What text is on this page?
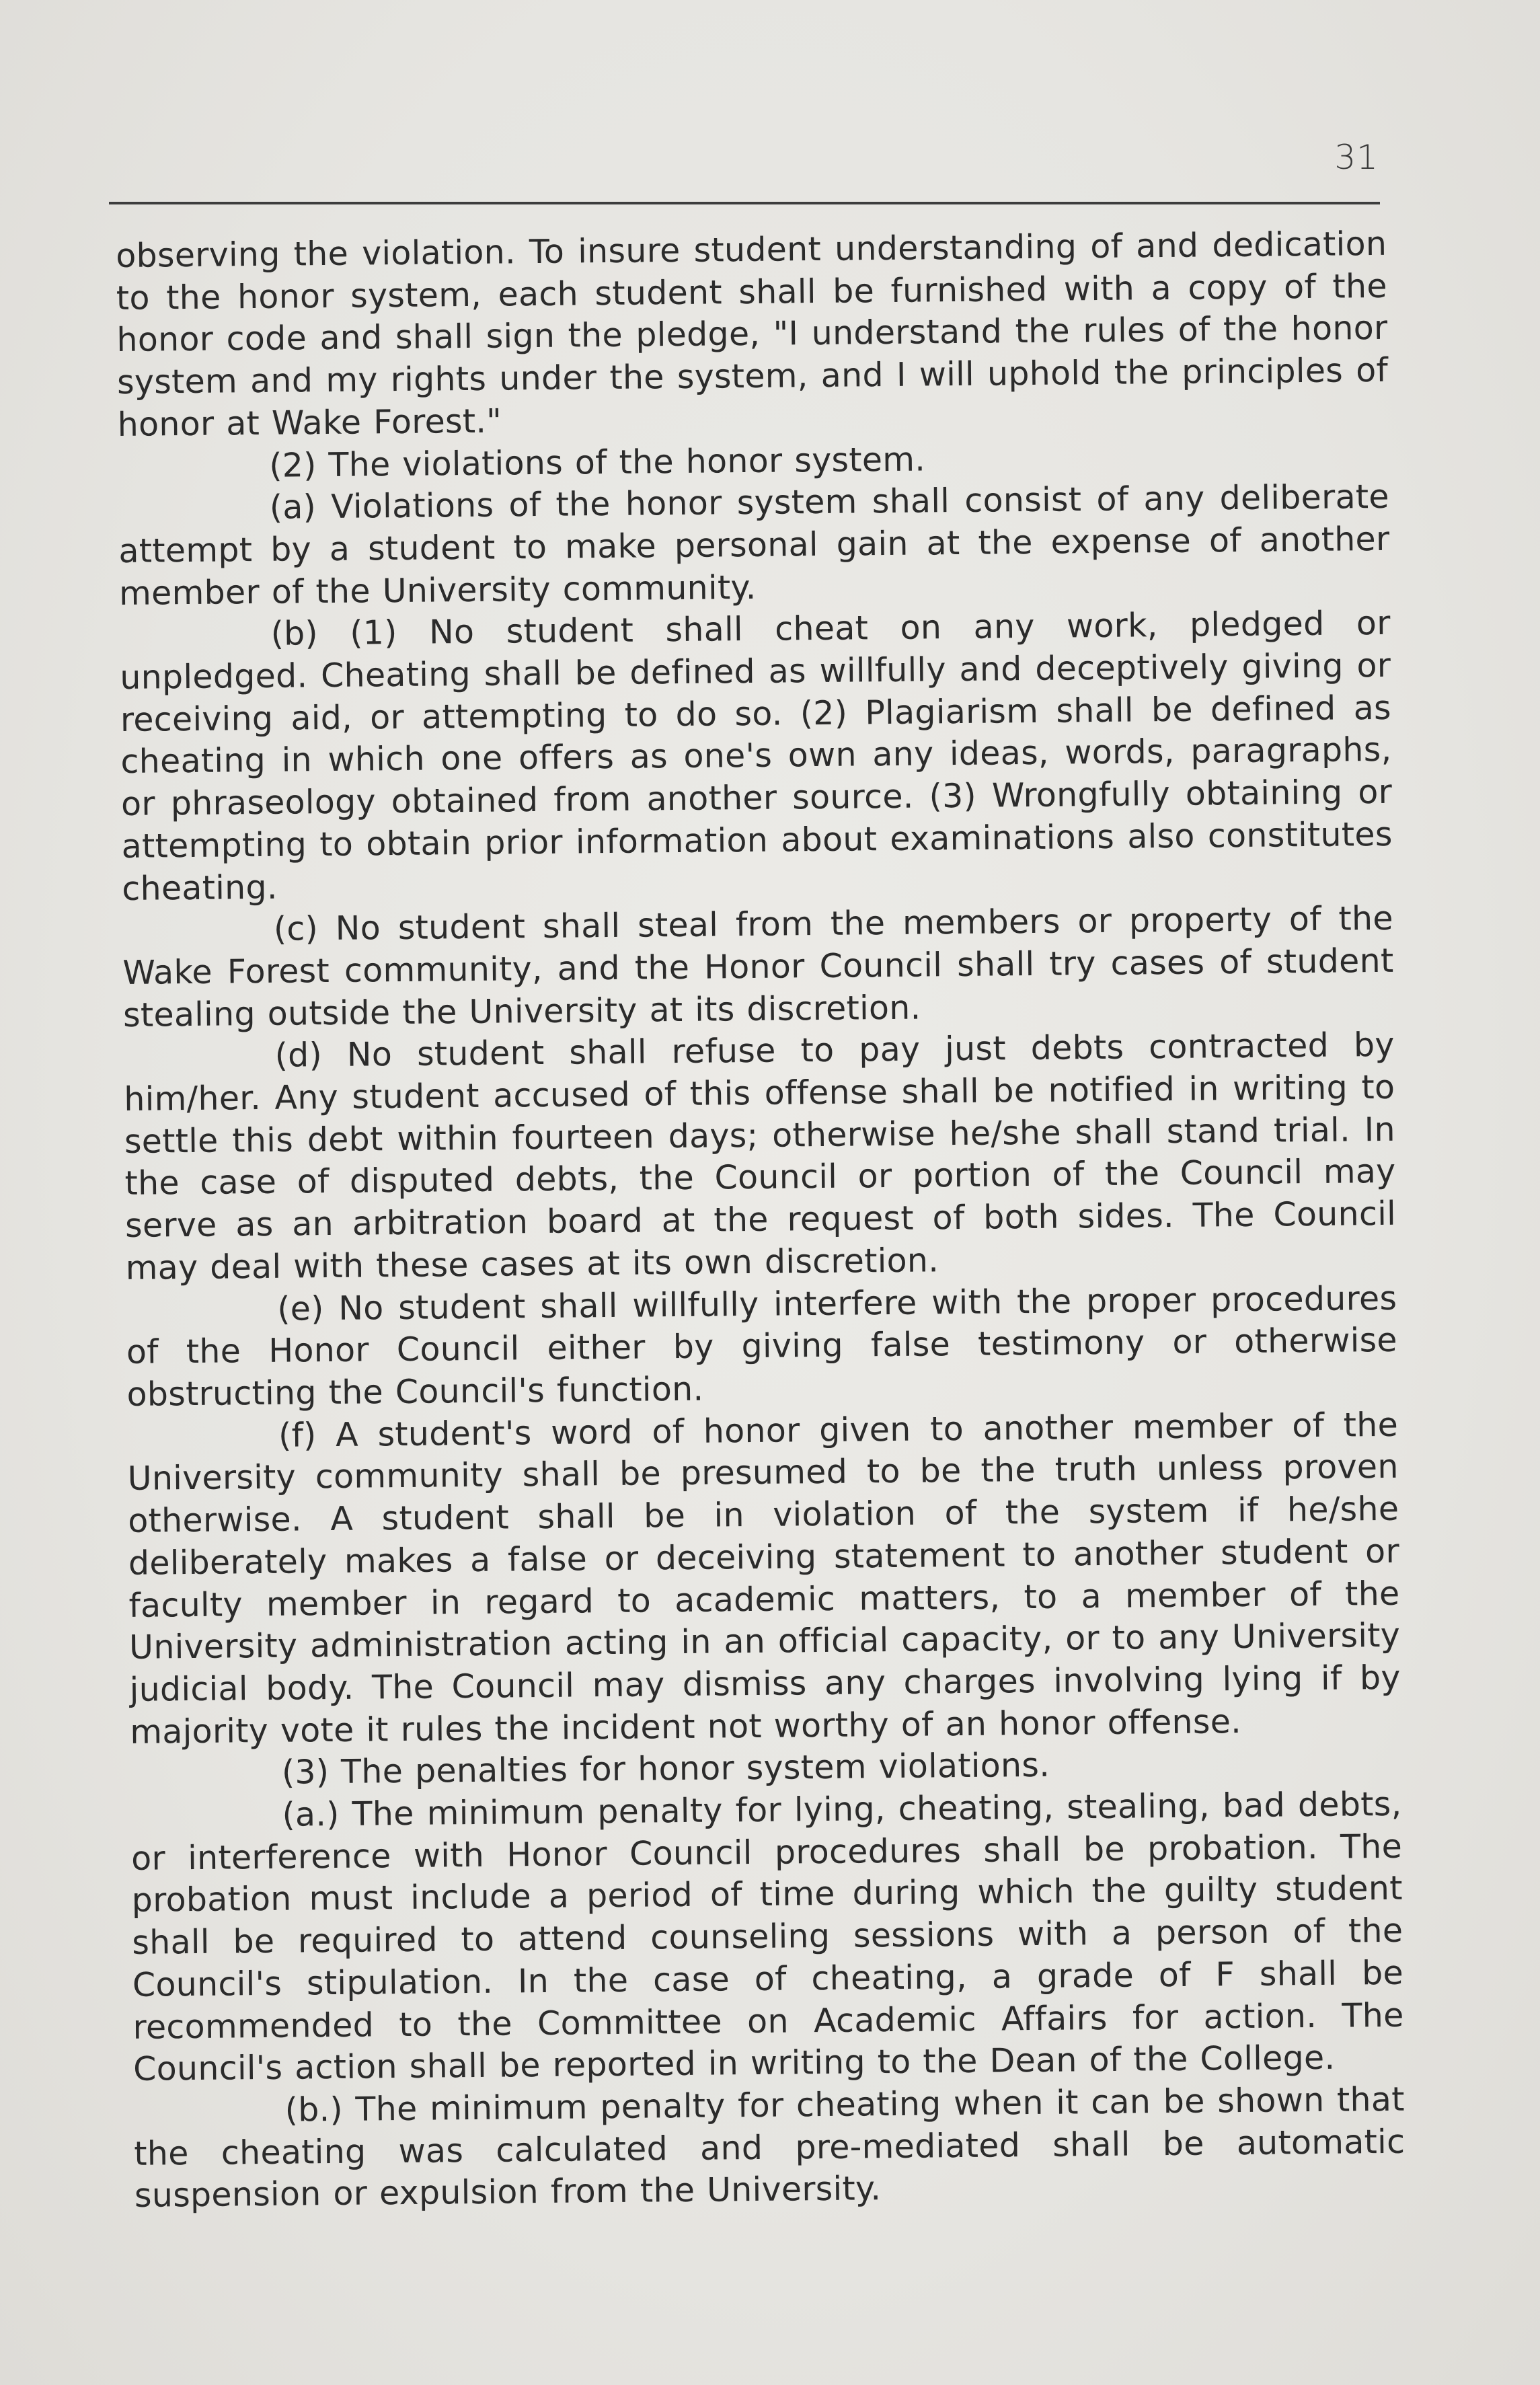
31

observing the violation. To insure student understanding of and dedication to the honor system, each student shall be furnished with a copy of the honor code and shall sign the pledge, "I understand the rules of the honor system and my rights under the system, and I will uphold the principles of honor at Wake Forest."

(2) The violations of the honor system.

(a) Violations of the honor system shall consist of any deliberate attempt by a student to make personal gain at the expense of another member of the University community.

(b) (1) No student shall cheat on any work, pledged or unpledged. Cheating shall be defined as willfully and deceptively giving or receiving aid, or attempting to do so. (2) Plagiarism shall be defined as cheating in which one offers as one's own any ideas, words, paragraphs, or phraseology obtained from another source. (3) Wrongfully obtaining or attempting to obtain prior information about examinations also constitutes cheating.

(c) No student shall steal from the members or property of the Wake Forest community, and the Honor Council shall try cases of student stealing outside the University at its discretion.

(d) No student shall refuse to pay just debts contracted by him/her. Any student accused of this offense shall be notified in writing to settle this debt within fourteen days; otherwise he/she shall stand trial. In the case of disputed debts, the Council or portion of the Council may serve as an arbitration board at the request of both sides. The Council may deal with these cases at its own discretion.

(e) No student shall willfully interfere with the proper procedures of the Honor Council either by giving false testimony or otherwise obstructing the Council's function.

(f) A student's word of honor given to another member of the University community shall be presumed to be the truth unless proven otherwise. A student shall be in violation of the system if he/she deliberately makes a false or deceiving statement to another student or faculty member in regard to academic matters, to a member of the University administration acting in an official capacity, or to any University judicial body. The Council may dismiss any charges involving lying if by majority vote it rules the incident not worthy of an honor offense.

(3) The penalties for honor system violations.

(a.) The minimum penalty for lying, cheating, stealing, bad debts, or interference with Honor Council procedures shall be probation. The probation must include a period of time during which the guilty student shall be required to attend counseling sessions with a person of the Council's stipulation. In the case of cheating, a grade of F shall be recommended to the Committee on Academic Affairs for action. The Council's action shall be reported in writing to the Dean of the College.

(b.) The minimum penalty for cheating when it can be shown that the cheating was calculated and pre-mediated shall be automatic suspension or expulsion from the University.
